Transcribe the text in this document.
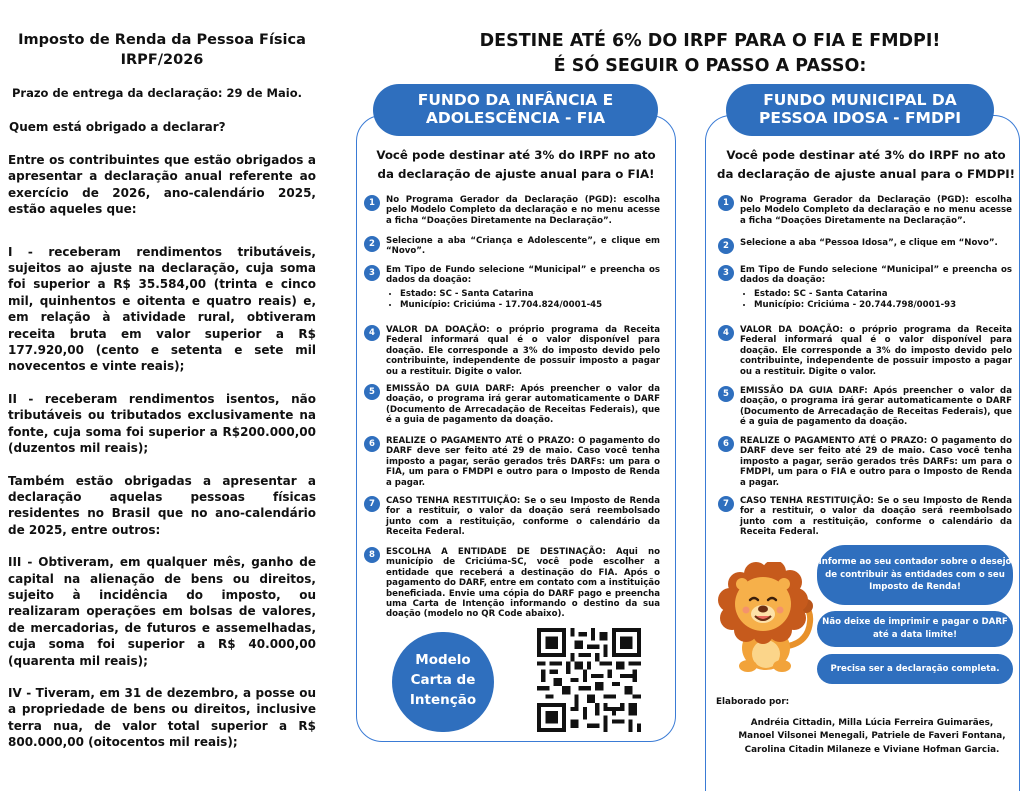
Imposto de Renda da Pessoa Física
IRPF/2026
Prazo de entrega da declaração: 29 de Maio.
Quem está obrigado a declarar?

Entre os contribuintes que estão obrigados a apresentar a declaração anual referente ao exercício de 2026, ano-calendário 2025, estão aqueles que:

I - receberam rendimentos tributáveis, sujeitos ao ajuste na declaração, cuja soma foi superior a R$ 35.584,00 (trinta e cinco mil, quinhentos e oitenta e quatro reais) e, em relação à atividade rural, obtiveram receita bruta em valor superior a R$ 177.920,00 (cento e setenta e sete mil novecentos e vinte reais);

II - receberam rendimentos isentos, não tributáveis ou tributados exclusivamente na fonte, cuja soma foi superior a R$200.000,00 (duzentos mil reais);

Também estão obrigadas a apresentar a declaração aquelas pessoas físicas residentes no Brasil que no ano-calendário de 2025, entre outros:

III - Obtiveram, em qualquer mês, ganho de capital na alienação de bens ou direitos, sujeito à incidência do imposto, ou realizaram operações em bolsas de valores, de mercadorias, de futuros e assemelhadas, cuja soma foi superior a R$ 40.000,00 (quarenta mil reais);

IV - Tiveram, em 31 de dezembro, a posse ou a propriedade de bens ou direitos, inclusive terra nua, de valor total superior a R$ 800.000,00 (oitocentos mil reais);

DESTINE ATÉ 6% DO IRPF PARA O FIA E FMDPI!
É SÓ SEGUIR O PASSO A PASSO:
FUNDO DA INFÂNCIA E
ADOLESCÊNCIA - FIA
FUNDO MUNICIPAL DA
PESSOA IDOSA - FMDPI
Você pode destinar até 3% do IRPF no ato
da declaração de ajuste anual para o FIA!
Você pode destinar até 3% do IRPF no ato
da declaração de ajuste anual para o FMDPI!
1	No Programa Gerador da Declaração (PGD): escolha pelo Modelo Completo da declaração e no menu acesse a ficha “Doações Diretamente na Declaração”.
2	Selecione a aba “Criança e Adolescente”, e clique em “Novo”.
3	Em Tipo de Fundo selecione “Municipal” e preencha os dados da doação:
• Estado: SC - Santa Catarina
• Município: Criciúma - 17.704.824/0001-45
4	VALOR DA DOAÇÃO: o próprio programa da Receita Federal informará qual é o valor disponível para doação. Ele corresponde a 3% do imposto devido pelo contribuinte, independente de possuir imposto a pagar ou a restituir. Digite o valor.
5	EMISSÃO DA GUIA DARF: Após preencher o valor da doação, o programa irá gerar automaticamente o DARF (Documento de Arrecadação de Receitas Federais), que é a guia de pagamento da doação.
6	REALIZE O PAGAMENTO ATÉ O PRAZO: O pagamento do DARF deve ser feito até 29 de maio. Caso você tenha imposto a pagar, serão gerados três DARFs: um para o FIA, um para o FMDPI e outro para o Imposto de Renda a pagar.
7	CASO TENHA RESTITUIÇÃO: Se o seu Imposto de Renda for a restituir, o valor da doação será reembolsado junto com a restituição, conforme o calendário da Receita Federal.
8	ESCOLHA A ENTIDADE DE DESTINAÇÃO: Aqui no município de Criciúma-SC, você pode escolher a entidade que receberá a destinação do FIA. Após o pagamento do DARF, entre em contato com a instituição beneficiada. Envie uma cópia do DARF pago e preencha uma Carta de Intenção informando o destino da sua doação (modelo no QR Code abaixo).
Modelo
Carta de
Intenção
1	No Programa Gerador da Declaração (PGD): escolha pelo Modelo Completo da declaração e no menu acesse a ficha “Doações Diretamente na Declaração”.
2	Selecione a aba “Pessoa Idosa”, e clique em “Novo”.
3	Em Tipo de Fundo selecione “Municipal” e preencha os dados da doação:
• Estado: SC - Santa Catarina
• Município: Criciúma - 20.744.798/0001-93
4	VALOR DA DOAÇÃO: o próprio programa da Receita Federal informará qual é o valor disponível para doação. Ele corresponde a 3% do imposto devido pelo contribuinte, independente de possuir imposto a pagar ou a restituir. Digite o valor.
5	EMISSÃO DA GUIA DARF: Após preencher o valor da doação, o programa irá gerar automaticamente o DARF (Documento de Arrecadação de Receitas Federais), que é a guia de pagamento da doação.
6	REALIZE O PAGAMENTO ATÉ O PRAZO: O pagamento do DARF deve ser feito até 29 de maio. Caso você tenha imposto a pagar, serão gerados três DARFs: um para o FMDPI, um para o FIA e outro para o Imposto de Renda a pagar.
7	CASO TENHA RESTITUIÇÃO: Se o seu Imposto de Renda for a restituir, o valor da doação será reembolsado junto com a restituição, conforme o calendário da Receita Federal.
Informe ao seu contador sobre o desejo de contribuir às entidades com o seu Imposto de Renda!
Não deixe de imprimir e pagar o DARF até a data limite!
Precisa ser a declaração completa.
Elaborado por:
Andréia Cittadin, Milla Lúcia Ferreira Guimarães,
Manoel Vilsonei Menegali, Patriele de Faveri Fontana,
Carolina Citadin Milaneze e Viviane Hofman Garcia.
